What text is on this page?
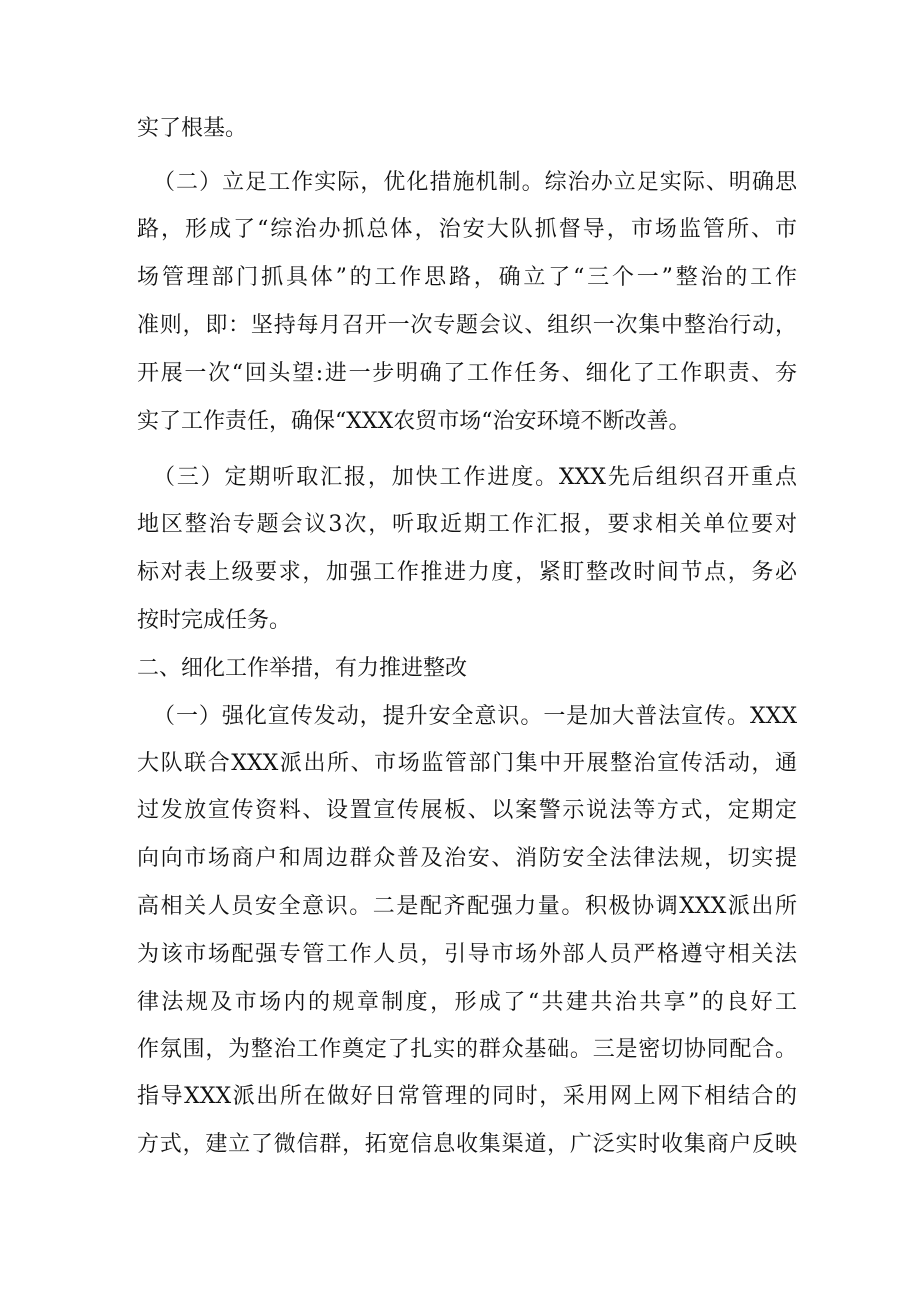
实了根基。
（二）立足工作实际，优化措施机制。综治办立足实际、明确思
路，形成了“综治办抓总体，治安大队抓督导，市场监管所、市
场管理部门抓具体”的工作思路，确立了“三个一”整治的工作
准则，即：坚持每月召开一次专题会议、组织一次集中整治行动，
开展一次“回头望:进一步明确了工作任务、细化了工作职责、夯
实了工作责任，确保“XXX农贸市场“治安环境不断改善。
（三）定期听取汇报，加快工作进度。XXX先后组织召开重点
地区整治专题会议3次，听取近期工作汇报，要求相关单位要对
标对表上级要求，加强工作推进力度，紧盯整改时间节点，务必
按时完成任务。
二、细化工作举措，有力推进整改
（一）强化宣传发动，提升安全意识。一是加大普法宣传。XXX
大队联合XXX派出所、市场监管部门集中开展整治宣传活动，通
过发放宣传资料、设置宣传展板、以案警示说法等方式，定期定
向向市场商户和周边群众普及治安、消防安全法律法规，切实提
高相关人员安全意识。二是配齐配强力量。积极协调XXX派出所
为该市场配强专管工作人员，引导市场外部人员严格遵守相关法
律法规及市场内的规章制度，形成了“共建共治共享”的良好工
作氛围，为整治工作奠定了扎实的群众基础。三是密切协同配合。
指导XXX派出所在做好日常管理的同时，采用网上网下相结合的
方式，建立了微信群，拓宽信息收集渠道，广泛实时收集商户反映
